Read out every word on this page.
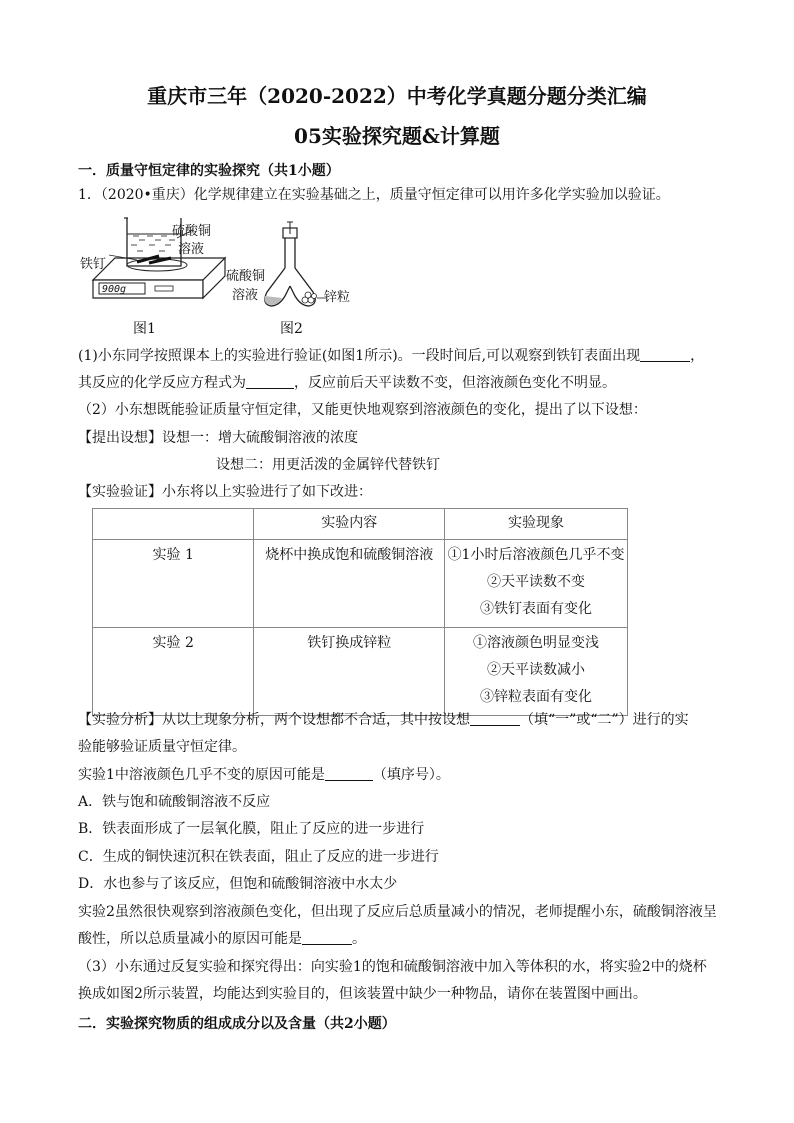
重庆市三年（2020-2022）中考化学真题分题分类汇编
05实验探究题&计算题
一．质量守恒定律的实验探究（共1小题）
1．（2020•重庆）化学规律建立在实验基础之上，质量守恒定律可以用许多化学实验加以验证。
900g
硫酸铜
溶液
铁钉
图1
硫酸铜
溶液	锌粒
图2
(1)小东同学按照课本上的实验进行验证(如图1所示)。一段时间后,可以观察到铁钉表面出现	，
其反应的化学反应方程式为	，反应前后天平读数不变，但溶液颜色变化不明显。
（2）小东想既能验证质量守恒定律，又能更快地观察到溶液颜色的变化，提出了以下设想：
【提出设想】设想一：增大硫酸铜溶液的浓度
设想二：用更活泼的金属锌代替铁钉
【实验验证】小东将以上实验进行了如下改进：
	实验内容	实验现象

实验 1	烧杯中换成饱和硫酸铜溶液	①1小时后溶液颜色几乎不变
②天平读数不变
③铁钉表面有变化

实验 2	铁钉换成锌粒	①溶液颜色明显变浅
②天平读数减小
③锌粒表面有变化
【实验分析】从以上现象分析，两个设想都不合适，其中按设想	（填“一”或“二”）进行的实
验能够验证质量守恒定律。
实验1中溶液颜色几乎不变的原因可能是	（填序号）。
A．铁与饱和硫酸铜溶液不反应
B．铁表面形成了一层氧化膜，阻止了反应的进一步进行
C．生成的铜快速沉积在铁表面，阻止了反应的进一步进行
D．水也参与了该反应，但饱和硫酸铜溶液中水太少
实验2虽然很快观察到溶液颜色变化，但出现了反应后总质量减小的情况，老师提醒小东，硫酸铜溶液呈
酸性，所以总质量减小的原因可能是	。
（3）小东通过反复实验和探究得出：向实验1的饱和硫酸铜溶液中加入等体积的水，将实验2中的烧杯
换成如图2所示装置，均能达到实验目的，但该装置中缺少一种物品，请你在装置图中画出。
二．实验探究物质的组成成分以及含量（共2小题）
